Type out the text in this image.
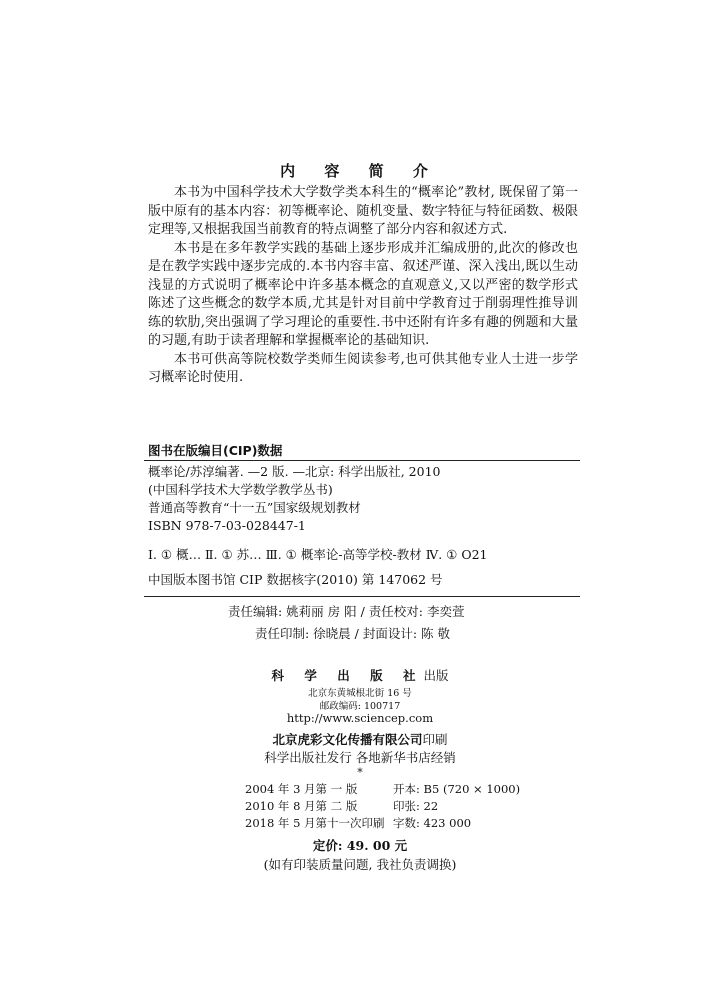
内 容 简 介

本书为中国科学技术大学数学类本科生的“概率论”教材, 既保留了第一版中原有的基本内容：初等概率论、随机变量、数字特征与特征函数、极限定理等,又根据我国当前教育的特点调整了部分内容和叙述方式.

本书是在多年教学实践的基础上逐步形成并汇编成册的,此次的修改也是在教学实践中逐步完成的.本书内容丰富、叙述严谨、深入浅出,既以生动浅显的方式说明了概率论中许多基本概念的直观意义,又以严密的数学形式陈述了这些概念的数学本质,尤其是针对目前中学教育过于削弱理性推导训练的软肋,突出强调了学习理论的重要性.书中还附有许多有趣的例题和大量的习题,有助于读者理解和掌握概率论的基础知识.

本书可供高等院校数学类师生阅读参考,也可供其他专业人士进一步学习概率论时使用.

图书在版编目(CIP)数据
概率论/苏淳编著. —2 版. —北京: 科学出版社, 2010
(中国科学技术大学数学教学丛书)
普通高等教育“十一五”国家级规划教材
ISBN 978-7-03-028447-1
Ⅰ. ① 概… Ⅱ. ① 苏… Ⅲ. ① 概率论-高等学校-教材 Ⅳ. ① O21
中国版本图书馆 CIP 数据核字(2010) 第 147062 号
责任编辑: 姚莉丽 房 阳 / 责任校对: 李奕萱
责任印制: 徐晓晨 / 封面设计: 陈 敬
科 学 出 版 社出版
北京东黄城根北街 16 号
邮政编码: 100717
http://www.sciencep.com
北京虎彩文化传播有限公司印刷
科学出版社发行 各地新华书店经销
*
2004 年 3 月第 一 版	开本: B5 (720 × 1000)
2010 年 8 月第 二 版	印张: 22
2018 年 5 月第十一次印刷 字数: 423 000
定价: 49. 00 元
(如有印装质量问题, 我社负责调换)
